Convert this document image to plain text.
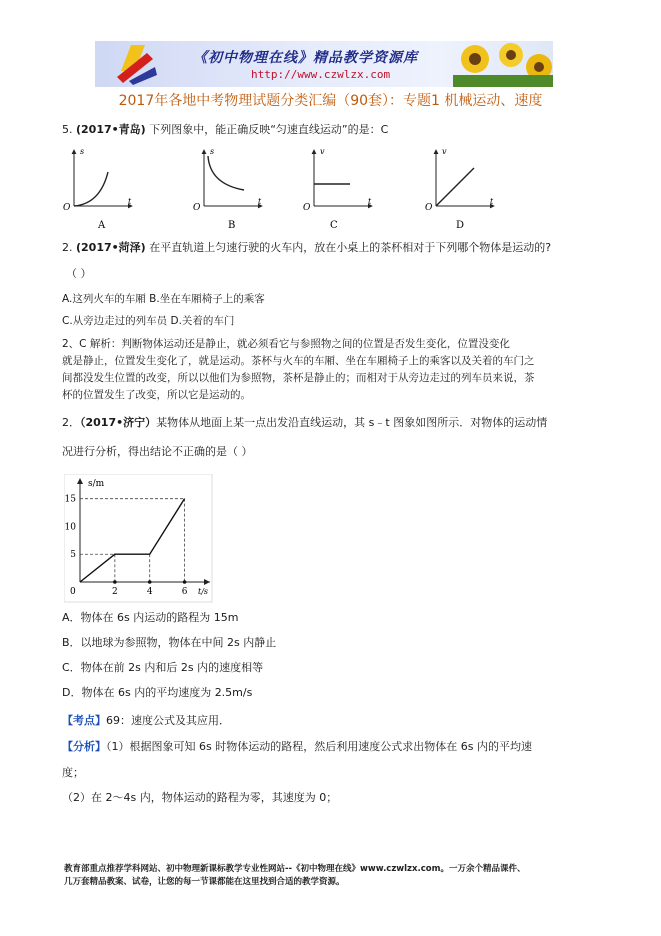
《初中物理在线》精品教学资源库
http://www.czwlzx.com
2017年各地中考物理试题分类汇编（90套）：专题1 机械运动、速度
5. (2017•青岛) 下列图象中，能正确反映“匀速直线运动”的是：C
s
t
O
A
s
t
O
B
v
t
O
C
v
t
O
D
2. (2017•菏泽) 在平直轨道上匀速行驶的火车内，放在小桌上的茶杯相对于下列哪个物体是运动的?
（ ）
A.这列火车的车厢 B.坐在车厢椅子上的乘客
C.从旁边走过的列车员 D.关着的车门
2、C 解析：判断物体运动还是静止，就必须看它与参照物之间的位置是否发生变化，位置没变化
就是静止，位置发生变化了，就是运动。茶杯与火车的车厢、坐在车厢椅子上的乘客以及关着的车门之
间都没发生位置的改变，所以以他们为参照物，茶杯是静止的；而相对于从旁边走过的列车员来说，茶
杯的位置发生了改变，所以它是运动的。
2．（2017•济宁）某物体从地面上某一点出发沿直线运动，其 s﹣t 图象如图所示．对物体的运动情
况进行分析，得出结论不正确的是（ ）
s/m
t/s
0
5
10
15
2	4	6
A．物体在 6s 内运动的路程为 15m
B．以地球为参照物，物体在中间 2s 内静止
C．物体在前 2s 内和后 2s 内的速度相等
D．物体在 6s 内的平均速度为 2.5m/s
【考点】69：速度公式及其应用．
【分析】（1）根据图象可知 6s 时物体运动的路程，然后利用速度公式求出物体在 6s 内的平均速
度；
（2）在 2～4s 内，物体运动的路程为零，其速度为 0；
教育部重点推荐学科网站、初中物理新课标教学专业性网站--《初中物理在线》www.czwlzx.com。一万余个精品课件、
几万套精品教案、试卷，让您的每一节课都能在这里找到合适的教学资源。
